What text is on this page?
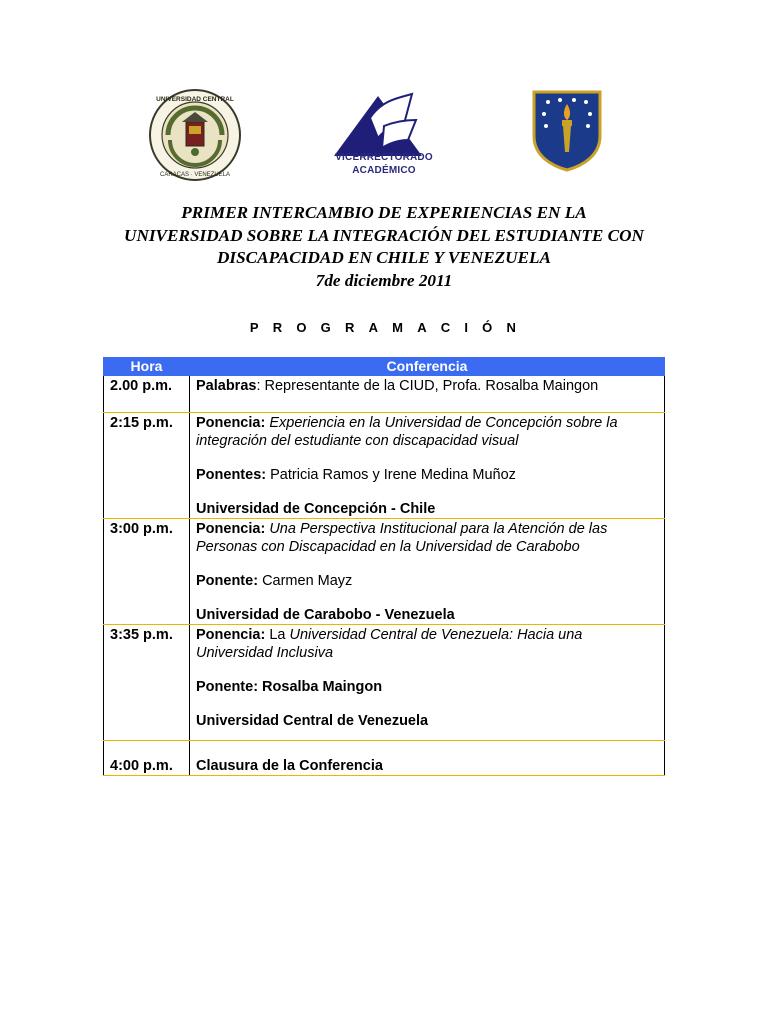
UNIVERSIDAD CENTRAL
CARACAS · VENEZUELA
VICERRECTORADO
ACADÉMICO
PRIMER INTERCAMBIO DE EXPERIENCIAS EN LA
UNIVERSIDAD SOBRE LA INTEGRACIÓN DEL ESTUDIANTE CON
DISCAPACIDAD EN CHILE Y VENEZUELA
7de diciembre 2011
PROGRAMACIÓN
Hora	Conferencia
2.00 p.m.	Palabras: Representante de la CIUD, Profa. Rosalba Maingon
2:15 p.m.	Ponencia: Experiencia en la Universidad de Concepción sobre la integración del estudiante con discapacidad visual
Ponentes: Patricia Ramos y Irene Medina Muñoz
Universidad de Concepción - Chile

3:00 p.m.	Ponencia: Una Perspectiva Institucional para la Atención de las Personas con Discapacidad en la Universidad de Carabobo
Ponente: Carmen Mayz
Universidad de Carabobo - Venezuela

3:35 p.m.	Ponencia: La Universidad Central de Venezuela: Hacia una Universidad Inclusiva
Ponente: Rosalba Maingon
Universidad Central de Venezuela

4:00 p.m.	Clausura de la Conferencia
